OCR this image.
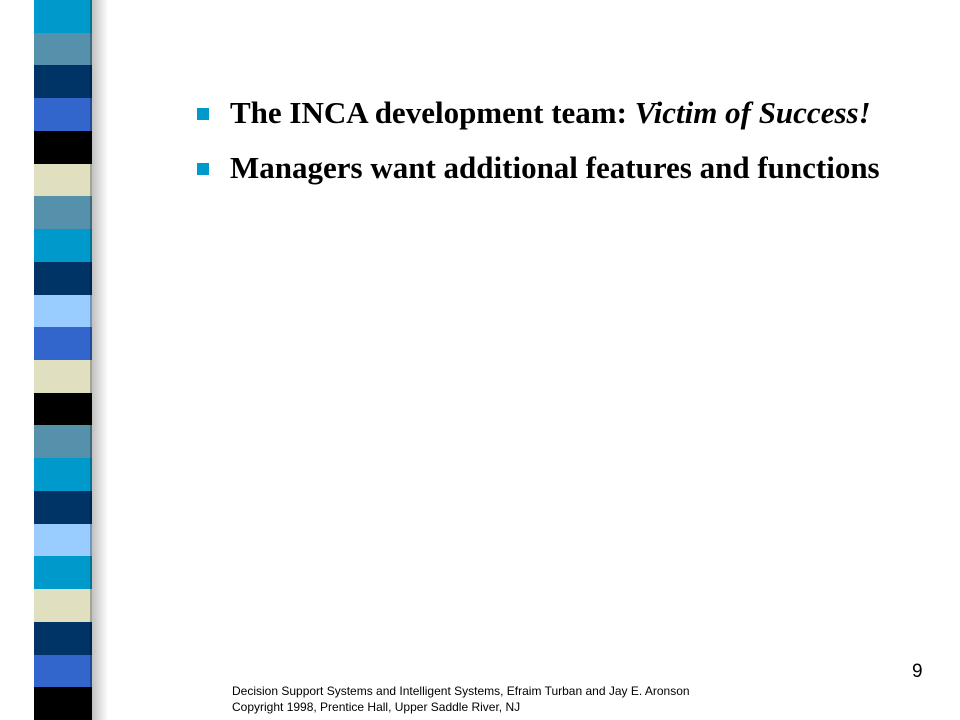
The INCA development team: Victim of Success!
Managers want additional features and functions
9
Decision Support Systems and Intelligent Systems, Efraim Turban and Jay E. Aronson
Copyright 1998, Prentice Hall, Upper Saddle River, NJ
